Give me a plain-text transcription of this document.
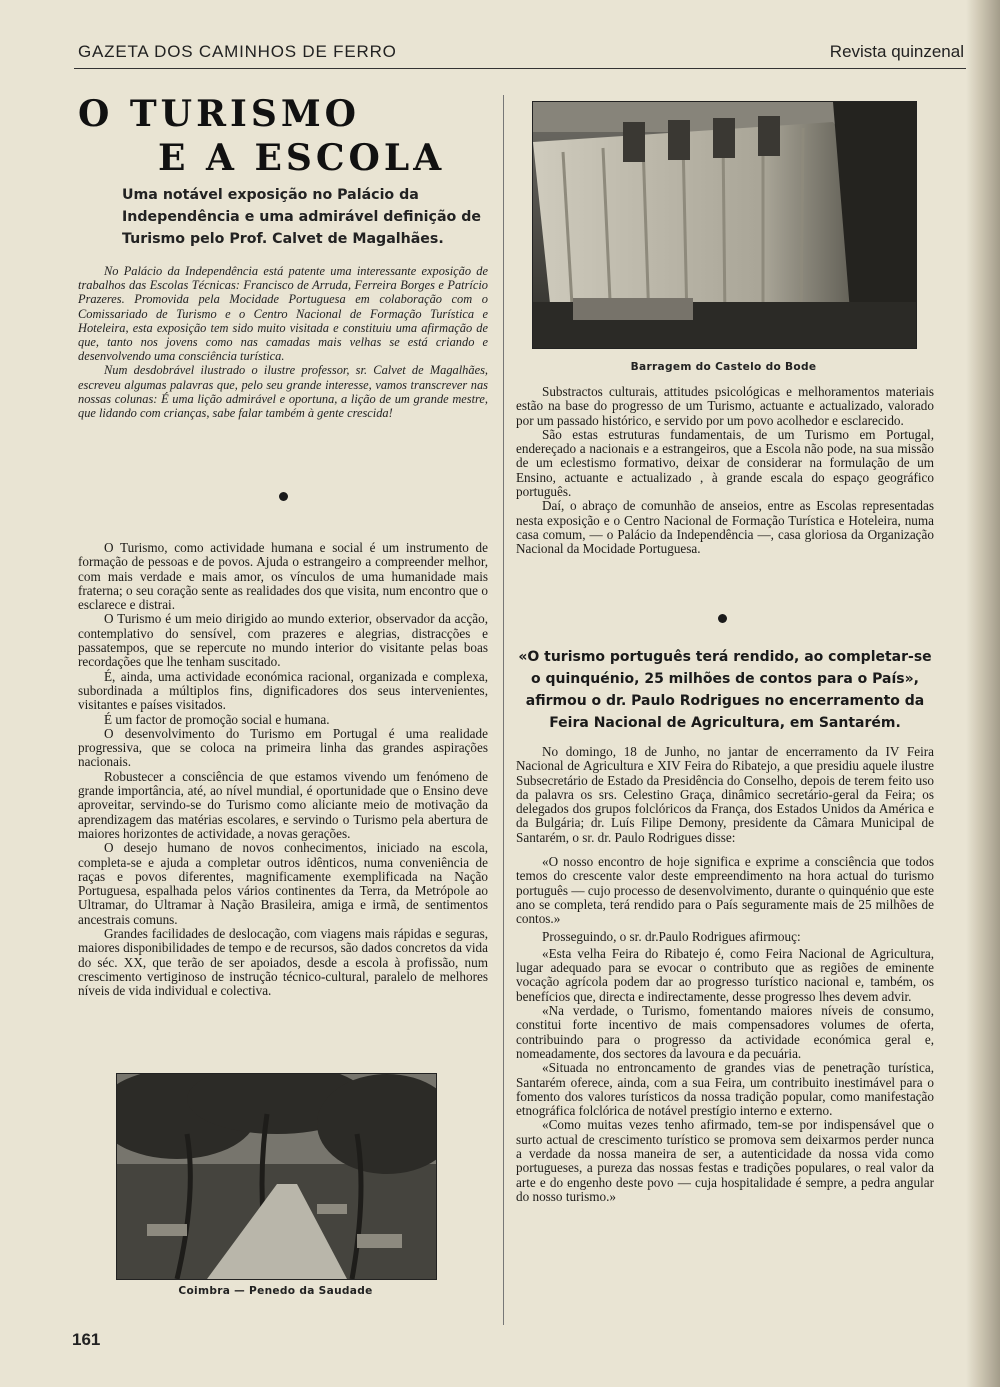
GAZETA DOS CAMINHOS DE FERRO	Revista quinzenal
O TURISMO
E A ESCOLA
Uma notável exposição no Palácio da Independência e uma admirável definição de Turismo pelo Prof. Calvet de Magalhães.

No Palácio da Independência está patente uma interessante exposição de trabalhos das Escolas Técnicas: Francisco de Arruda, Ferreira Borges e Patrício Prazeres. Promovida pela Mocidade Portuguesa em colaboração com o Comissariado de Turismo e o Centro Nacional de Formação Turística e Hoteleira, esta exposição tem sido muito visitada e constituiu uma afirmação de que, tanto nos jovens como nas camadas mais velhas se está criando e desenvolvendo uma consciência turística.

Num desdobrável ilustrado o ilustre professor, sr. Calvet de Magalhães, escreveu algumas palavras que, pelo seu grande interesse, vamos transcrever nas nossas colunas: É uma lição admirável e oportuna, a lição de um grande mestre, que lidando com crianças, sabe falar também à gente crescida!

O Turismo, como actividade humana e social é um instrumento de formação de pessoas e de povos. Ajuda o estrangeiro a compreender melhor, com mais verdade e mais amor, os vínculos de uma humanidade mais fraterna; o seu coração sente as realidades dos que visita, num encontro que o esclarece e distrai.

O Turismo é um meio dirigido ao mundo exterior, observador da acção, contemplativo do sensível, com prazeres e alegrias, distracções e passatempos, que se repercute no mundo interior do visitante pelas boas recordações que lhe tenham suscitado.

É, ainda, uma actividade económica racional, organizada e complexa, subordinada a múltiplos fins, dignificadores dos seus intervenientes, visitantes e países visitados.

É um factor de promoção social e humana.

O desenvolvimento do Turismo em Portugal é uma realidade progressiva, que se coloca na primeira linha das grandes aspirações nacionais.

Robustecer a consciência de que estamos vivendo um fenómeno de grande importância, até, ao nível mundial, é oportunidade que o Ensino deve aproveitar, servindo-se do Turismo como aliciante meio de motivação da aprendizagem das matérias escolares, e servindo o Turismo pela abertura de maiores horizontes de actividade, a novas gerações.

O desejo humano de novos conhecimentos, iniciado na escola, completa-se e ajuda a completar outros idênticos, numa conveniência de raças e povos diferentes, magnificamente exemplificada na Nação Portuguesa, espalhada pelos vários continentes da Terra, da Metrópole ao Ultramar, do Ultramar à Nação Brasileira, amiga e irmã, de sentimentos ancestrais comuns.

Grandes facilidades de deslocação, com viagens mais rápidas e seguras, maiores disponibilidades de tempo e de recursos, são dados concretos da vida do séc. XX, que terão de ser apoiados, desde a escola à profissão, num crescimento vertiginoso de instrução técnico-cultural, paralelo de melhores níveis de vida individual e colectiva.

Barragem do Castelo do Bode

Substractos culturais, attitudes psicológicas e melhoramentos materiais estão na base do progresso de um Turismo, actuante e actualizado, valorado por um passado histórico, e servido por um povo acolhedor e esclarecido.

São estas estruturas fundamentais, de um Turismo em Portugal, endereçado a nacionais e a estrangeiros, que a Escola não pode, na sua missão de um eclestismo formativo, deixar de considerar na formulação de um Ensino, actuante e actualizado , à grande escala do espaço geográfico português.

Daí, o abraço de comunhão de anseios, entre as Escolas representadas nesta exposição e o Centro Nacional de Formação Turística e Hoteleira, numa casa comum, — o Palácio da Independência —, casa gloriosa da Organização Nacional da Mocidade Portuguesa.

«O turismo português terá rendido, ao completar-se o quinquénio, 25 milhões de contos para o País», afirmou o dr. Paulo Rodrigues no encerramento da Feira Nacional de Agricultura, em Santarém.

No domingo, 18 de Junho, no jantar de encerramento da IV Feira Nacional de Agricultura e XIV Feira do Ribatejo, a que presidiu aquele ilustre Subsecretário de Estado da Presidência do Conselho, depois de terem feito uso da palavra os srs. Celestino Graça, dinâmico secretário-geral da Feira; os delegados dos grupos folclóricos da França, dos Estados Unidos da América e da Bulgária; dr. Luís Filipe Demony, presidente da Câmara Municipal de Santarém, o sr. dr. Paulo Rodrigues disse:

«O nosso encontro de hoje significa e exprime a consciência que todos temos do crescente valor deste empreendimento na hora actual do turismo português — cujo processo de desenvolvimento, durante o quinquénio que este ano se completa, terá rendido para o País seguramente mais de 25 milhões de contos.»

Prosseguindo, o sr. dr.Paulo Rodrigues afirmouç:

«Esta velha Feira do Ribatejo é, como Feira Nacional de Agricultura, lugar adequado para se evocar o contributo que as regiões de eminente vocação agrícola podem dar ao progresso turístico nacional e, também, os benefícios que, directa e indirectamente, desse progresso lhes devem advir.

«Na verdade, o Turismo, fomentando maiores níveis de consumo, constitui forte incentivo de mais compensadores volumes de oferta, contribuindo para o progresso da actividade económica geral e, nomeadamente, dos sectores da lavoura e da pecuária.

«Situada no entroncamento de grandes vias de penetração turística, Santarém oferece, ainda, com a sua Feira, um contribuito inestimável para o fomento dos valores turísticos da nossa tradição popular, como manifestação etnográfica folclórica de notável prestígio interno e externo.

«Como muitas vezes tenho afirmado, tem-se por indispensável que o surto actual de crescimento turístico se promova sem deixarmos perder nunca a verdade da nossa maneira de ser, a autenticidade da nossa vida como portugueses, a pureza das nossas festas e tradições populares, o real valor da arte e do engenho deste povo — cuja hospitalidade é sempre, a pedra angular do nosso turismo.»

Coimbra — Penedo da Saudade
161
